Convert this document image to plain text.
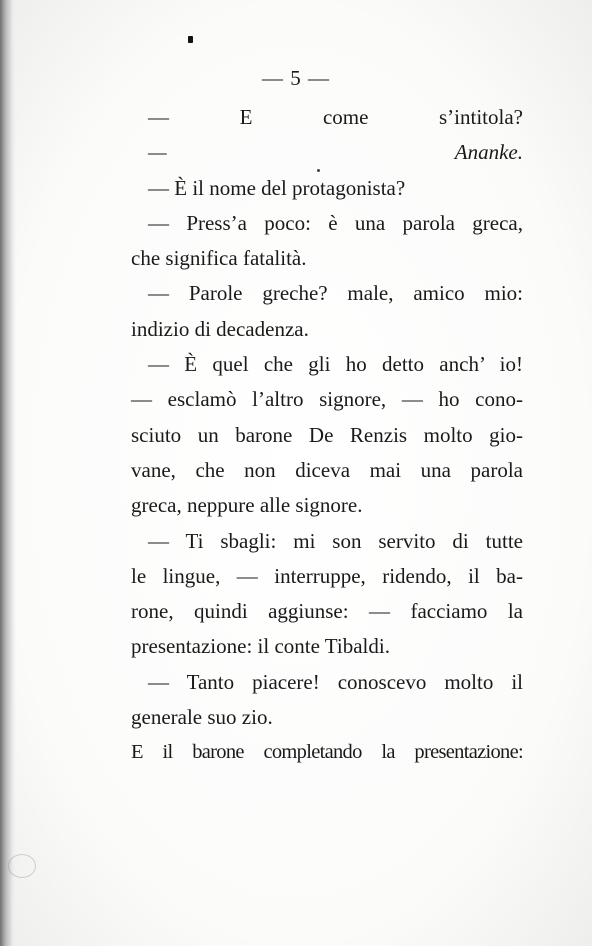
— 5 —
— E come s’intitola?
— Ananke.
— È il nome del protagonista?
— Press’a poco: è una parola greca,
che significa fatalità.
— Parole greche? male, amico mio:
indizio di decadenza.
— È quel che gli ho detto anch’ io!
— esclamò l’altro signore, — ho cono-
sciuto un barone De Renzis molto gio-
vane, che non diceva mai una parola
greca, neppure alle signore.
— Ti sbagli: mi son servito di tutte
le lingue, — interruppe, ridendo, il ba-
rone, quindi aggiunse: — facciamo la
presentazione: il conte Tibaldi.
— Tanto piacere! conoscevo molto il
generale suo zio.
E il barone completando la presentazione:
